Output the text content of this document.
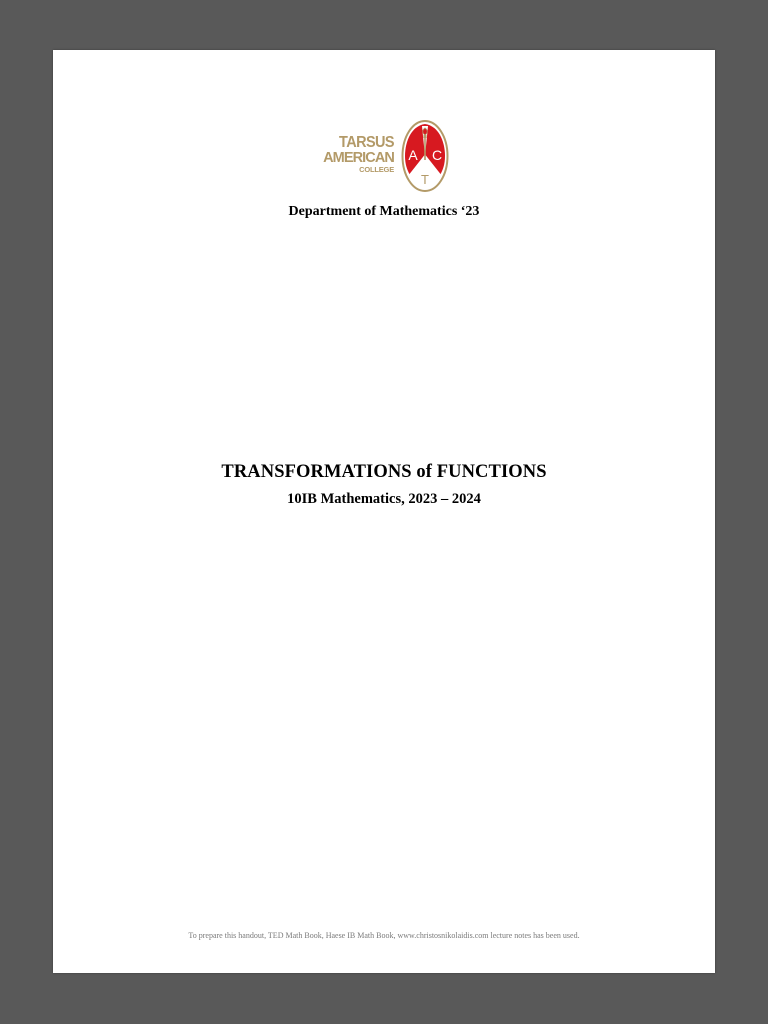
TARSUS
AMERICAN
COLLEGE
A C
T
Department of Mathematics ‘23
TRANSFORMATIONS of FUNCTIONS
10IB Mathematics, 2023 – 2024
To prepare this handout, TED Math Book, Haese IB Math Book, www.christosnikolaidis.com lecture notes has been used.
